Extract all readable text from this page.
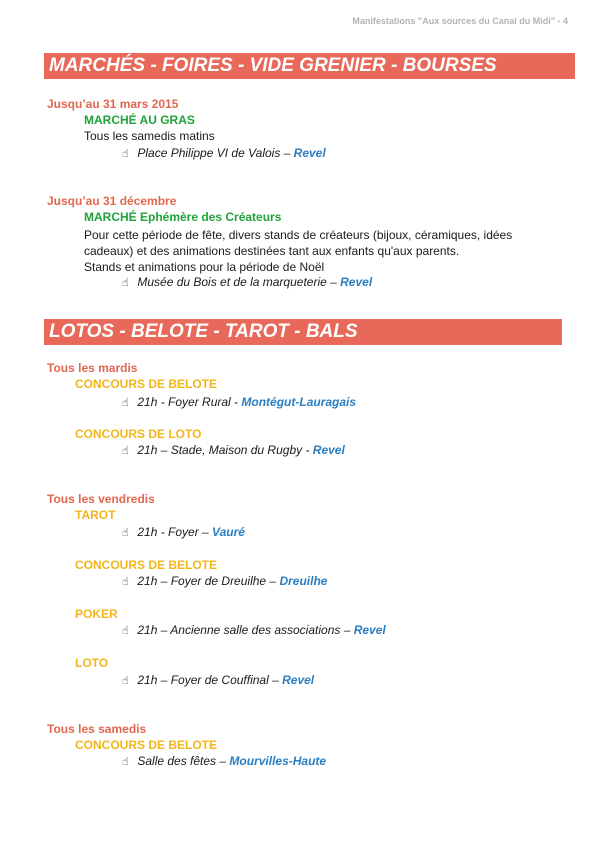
Manifestations "Aux sources du Canal du Midi" - 4
MARCHÉS - FOIRES - VIDE GRENIER - BOURSES
Jusqu’au 31 mars 2015
MARCHÉ AU GRAS
Tous les samedis matins
☝ Place Philippe VI de Valois – Revel
Jusqu’au 31 décembre
MARCHÉ Ephémère des Créateurs
Pour cette période de fête, divers stands de créateurs (bijoux, céramiques, idées cadeaux) et des animations destinées tant aux enfants qu'aux parents.
Stands et animations pour la période de Noël
☝ Musée du Bois et de la marqueterie – Revel
LOTOS - BELOTE - TAROT - BALS
Tous les mardis
CONCOURS DE BELOTE
☝ 21h - Foyer Rural - Montégut-Lauragais
CONCOURS DE LOTO
☝ 21h – Stade, Maison du Rugby - Revel
Tous les vendredis
TAROT
☝ 21h - Foyer – Vauré
CONCOURS DE BELOTE
☝ 21h – Foyer de Dreuilhe – Dreuilhe
POKER
☝ 21h – Ancienne salle des associations – Revel
LOTO
☝ 21h – Foyer de Couffinal – Revel
Tous les samedis
CONCOURS DE BELOTE
☝ Salle des fêtes – Mourvilles-Haute
